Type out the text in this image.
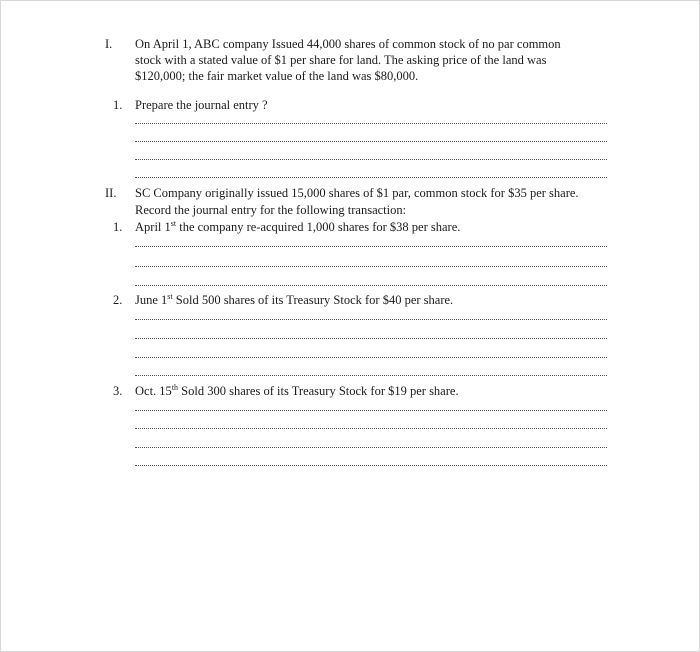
I. On April 1, ABC company Issued 44,000 shares of common stock of no par common
stock with a stated value of $1 per share for land. The asking price of the land was
$120,000; the fair market value of the land was $80,000.
1. Prepare the journal entry ?
II. SC Company originally issued 15,000 shares of $1 par, common stock for $35 per share.
Record the journal entry for the following transaction:
1. April 1st the company re-acquired 1,000 shares for $38 per share.
2. June 1st Sold 500 shares of its Treasury Stock for $40 per share.
3. Oct. 15th Sold 300 shares of its Treasury Stock for $19 per share.
